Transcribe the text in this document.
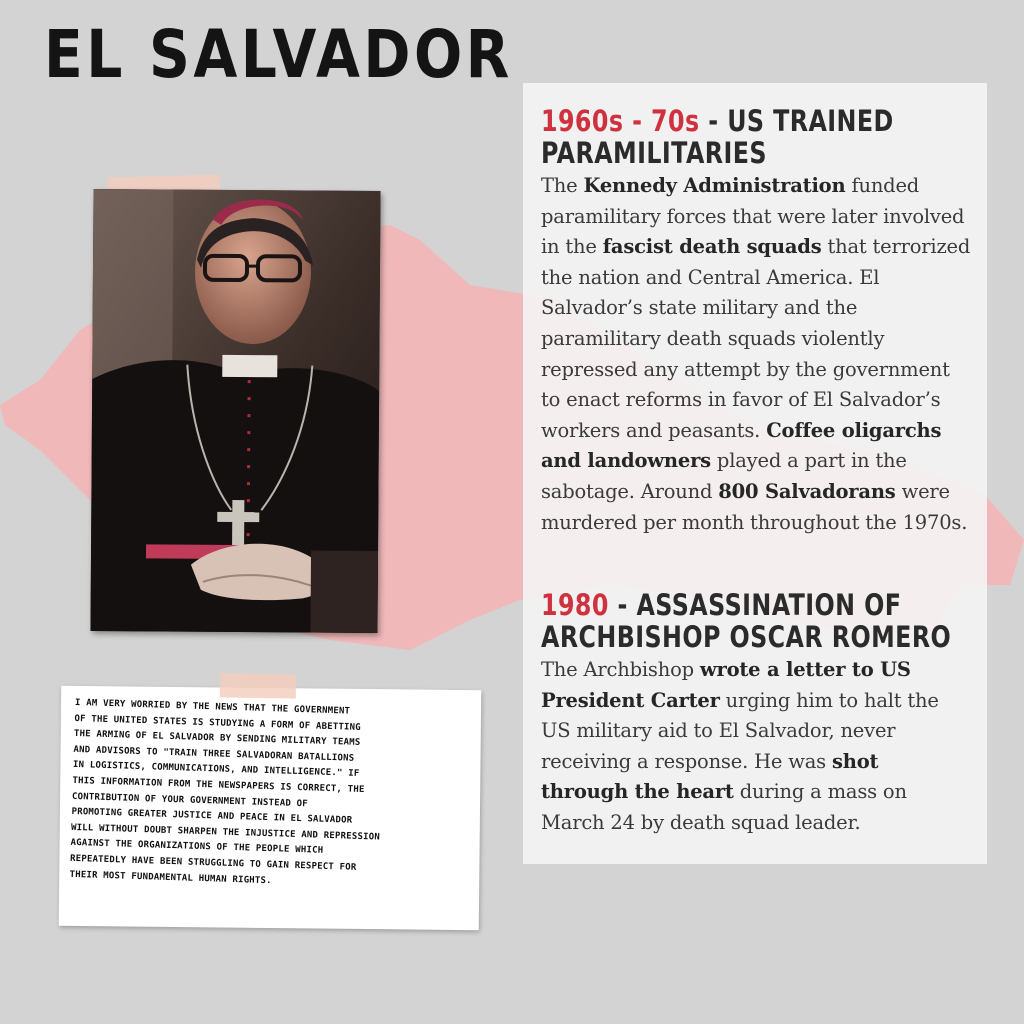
EL SALVADOR

I AM VERY WORRIED BY THE NEWS THAT THE GOVERNMENT
OF THE UNITED STATES IS STUDYING A FORM OF ABETTING
THE ARMING OF EL SALVADOR BY SENDING MILITARY TEAMS
AND ADVISORS TO "TRAIN THREE SALVADORAN BATALLIONS
IN LOGISTICS, COMMUNICATIONS, AND INTELLIGENCE." IF
THIS INFORMATION FROM THE NEWSPAPERS IS CORRECT, THE
CONTRIBUTION OF YOUR GOVERNMENT INSTEAD OF
PROMOTING GREATER JUSTICE AND PEACE IN EL SALVADOR
WILL WITHOUT DOUBT SHARPEN THE INJUSTICE AND REPRESSION
AGAINST THE ORGANIZATIONS OF THE PEOPLE WHICH
REPEATEDLY HAVE BEEN STRUGGLING TO GAIN RESPECT FOR
THEIR MOST FUNDAMENTAL HUMAN RIGHTS.

1960s - 70s - US TRAINED
PARAMILITARIES

The Kennedy Administration funded paramilitary forces that were later involved in the fascist death squads that terrorized the nation and Central America. El Salvador’s state military and the paramilitary death squads violently repressed any attempt by the government to enact reforms in favor of El Salvador’s workers and peasants. Coffee oligarchs and landowners played a part in the sabotage. Around 800 Salvadorans were murdered per month throughout the 1970s.

1980 - ASSASSINATION OF
ARCHBISHOP OSCAR ROMERO

The Archbishop wrote a letter to US President Carter urging him to halt the US military aid to El Salvador, never receiving a response. He was shot through the heart during a mass on March 24 by death squad leader.
